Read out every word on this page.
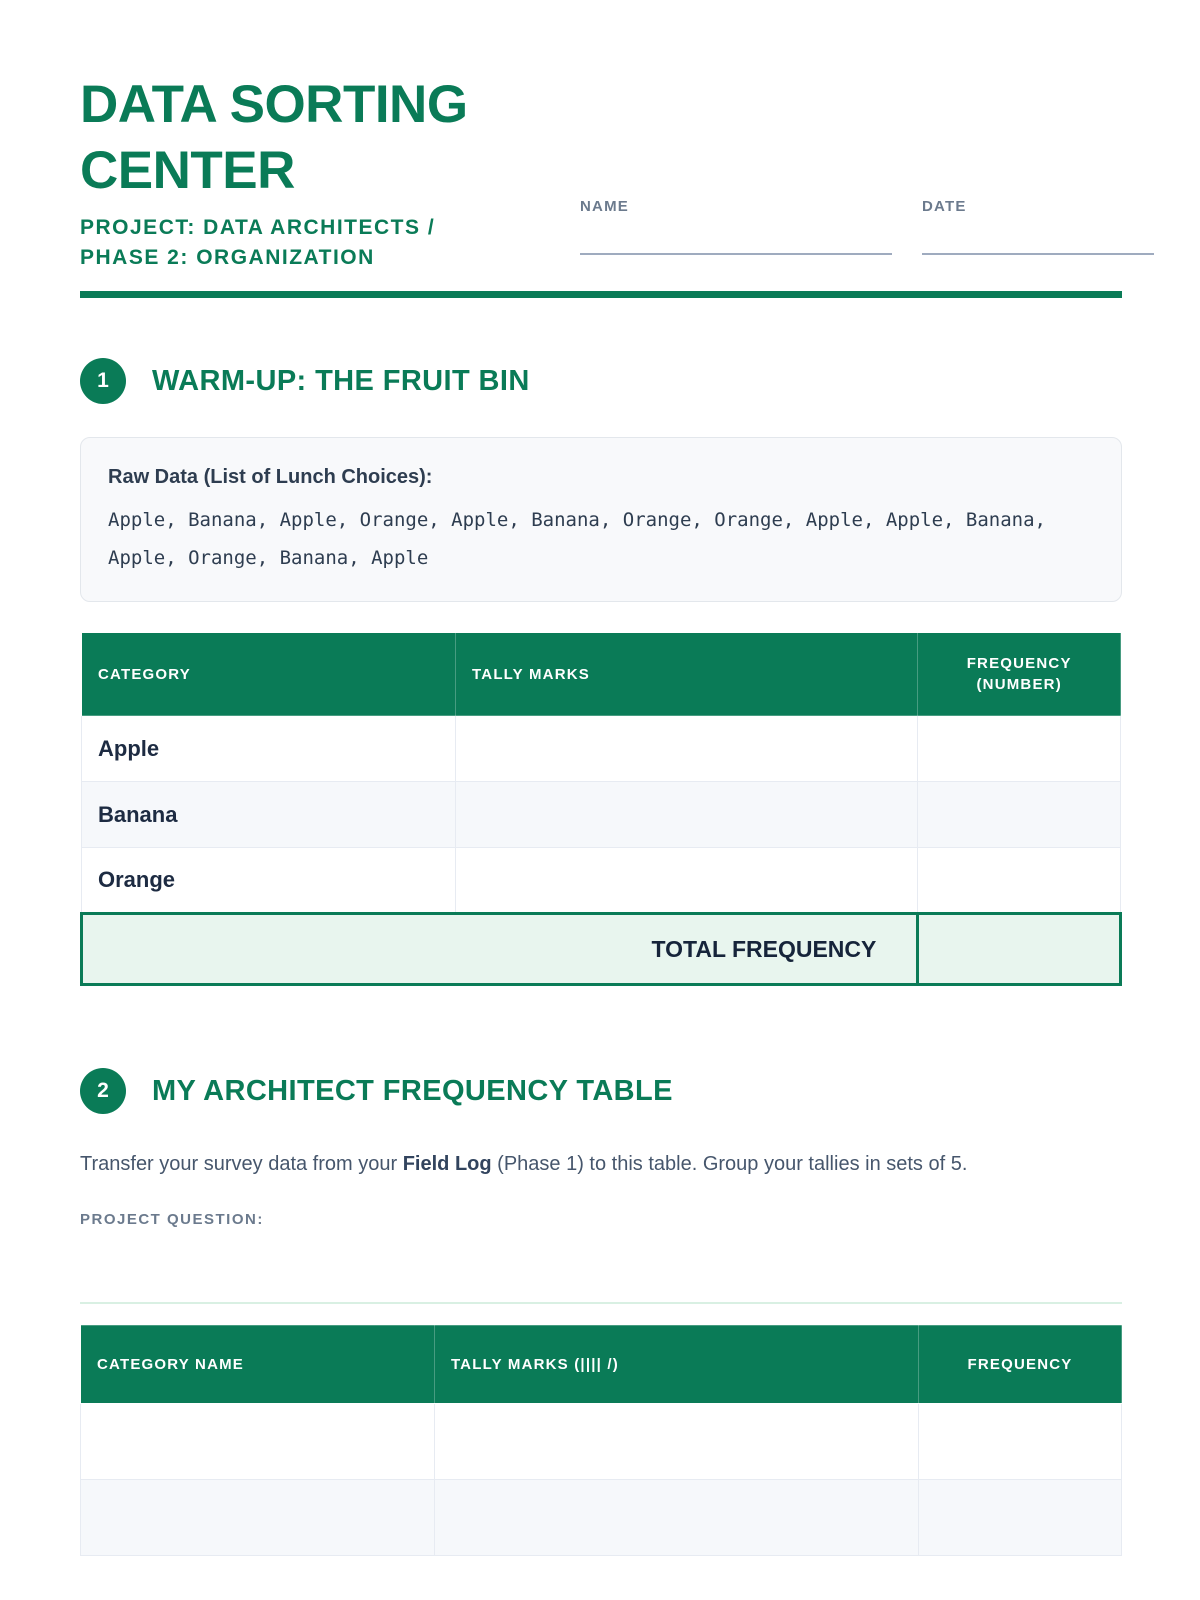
DATA SORTING CENTER
PROJECT: DATA ARCHITECTS / PHASE 2: ORGANIZATION
NAME	DATE
1	WARM-UP: THE FRUIT BIN
Raw Data (List of Lunch Choices):
Apple, Banana, Apple, Orange, Apple, Banana, Orange, Orange, Apple, Apple, Banana, Apple, Orange, Banana, Apple
CATEGORY	TALLY MARKS	FREQUENCY (NUMBER)
Apple		
Banana		
Orange		
TOTAL FREQUENCY		
2	MY ARCHITECT FREQUENCY TABLE

Transfer your survey data from your Field Log (Phase 1) to this table. Group your tallies in sets of 5.

PROJECT QUESTION:
CATEGORY NAME	TALLY MARKS (|||| /)	FREQUENCY
